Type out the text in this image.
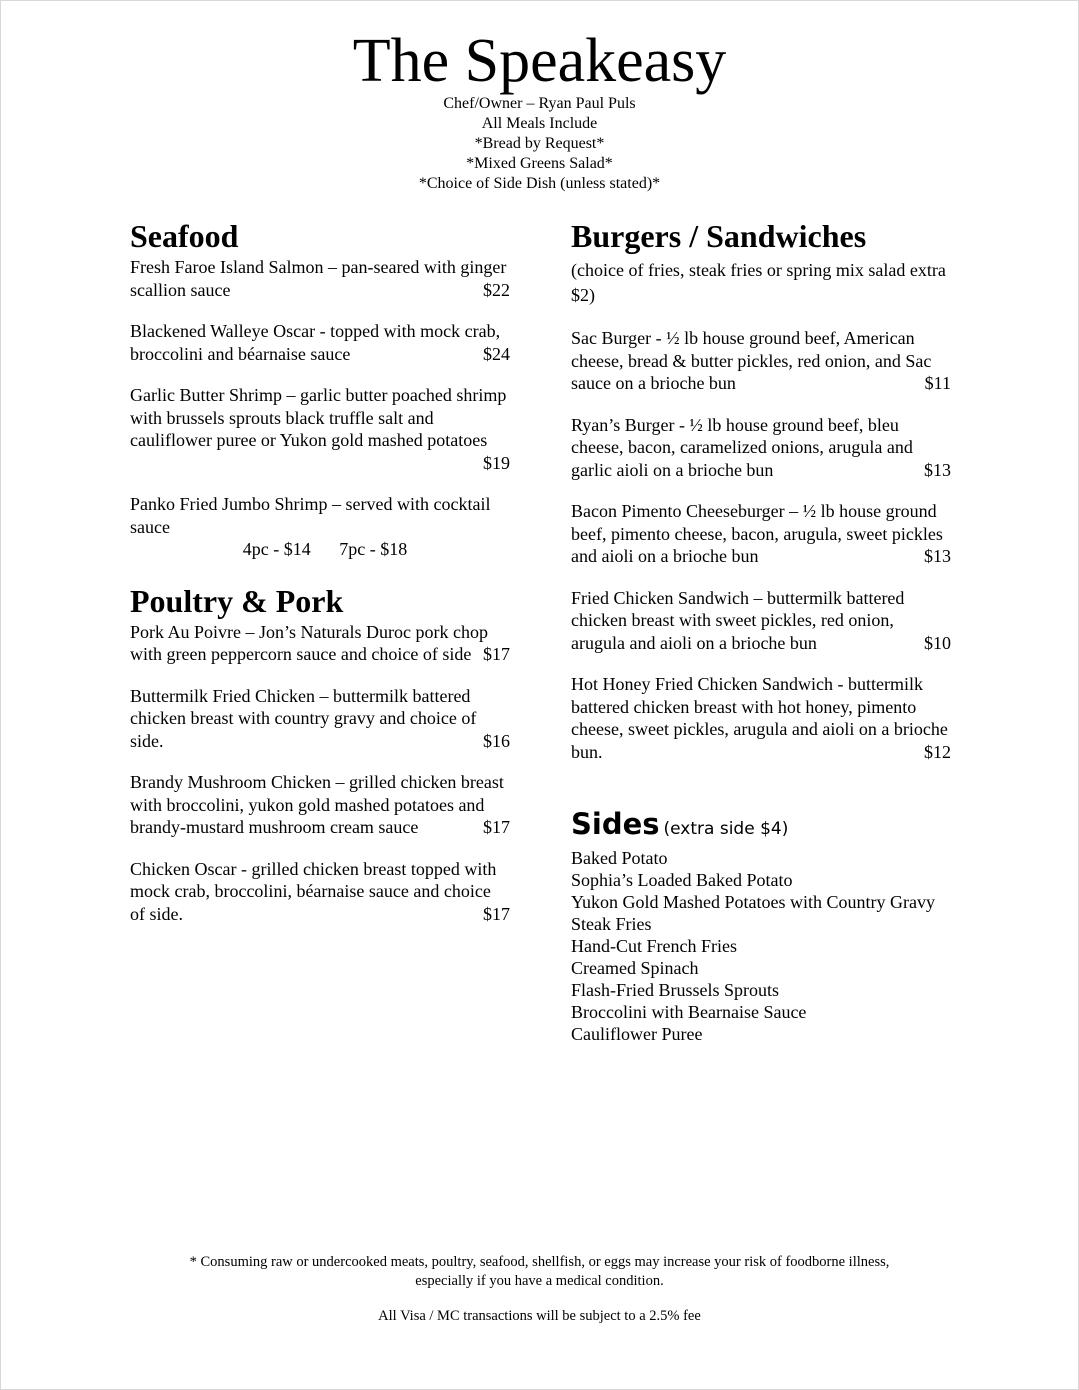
The Speakeasy
Chef/Owner – Ryan Paul Puls
All Meals Include
*Bread by Request*
*Mixed Greens Salad*
*Choice of Side Dish (unless stated)*
Seafood
Fresh Faroe Island Salmon – pan-seared with ginger scallion sauce	$22
Blackened Walleye Oscar - topped with mock crab, broccolini and béarnaise sauce	$24
Garlic Butter Shrimp – garlic butter poached shrimp with brussels sprouts black truffle salt and cauliflower puree or Yukon gold mashed potatoes
$19
Panko Fried Jumbo Shrimp – served with cocktail sauce
4pc - $14 7pc - $18
Poultry & Pork
Pork Au Poivre – Jon’s Naturals Duroc pork chop with green peppercorn sauce and choice of side $17
Buttermilk Fried Chicken – buttermilk battered chicken breast with country gravy and choice of side.	$16
Brandy Mushroom Chicken – grilled chicken breast with broccolini, yukon gold mashed potatoes and brandy-mustard mushroom cream sauce	$17
Chicken Oscar - grilled chicken breast topped with mock crab, broccolini, béarnaise sauce and choice of side.	$17
Burgers / Sandwiches
(choice of fries, steak fries or spring mix salad extra $2)
Sac Burger - ½ lb house ground beef, American cheese, bread & butter pickles, red onion, and Sac sauce on a brioche bun	$11
Ryan’s Burger - ½ lb house ground beef, bleu cheese, bacon, caramelized onions, arugula and garlic aioli on a brioche bun	$13
Bacon Pimento Cheeseburger – ½ lb house ground beef, pimento cheese, bacon, arugula, sweet pickles and aioli on a brioche bun	$13
Fried Chicken Sandwich – buttermilk battered chicken breast with sweet pickles, red onion, arugula and aioli on a brioche bun	$10
Hot Honey Fried Chicken Sandwich - buttermilk battered chicken breast with hot honey, pimento cheese, sweet pickles, arugula and aioli on a brioche bun.	$12
Sides (extra side $4)
Baked Potato
Sophia’s Loaded Baked Potato
Yukon Gold Mashed Potatoes with Country Gravy
Steak Fries
Hand-Cut French Fries
Creamed Spinach
Flash-Fried Brussels Sprouts
Broccolini with Bearnaise Sauce
Cauliflower Puree
* Consuming raw or undercooked meats, poultry, seafood, shellfish, or eggs may increase your risk of foodborne illness,
especially if you have a medical condition.
All Visa / MC transactions will be subject to a 2.5% fee
